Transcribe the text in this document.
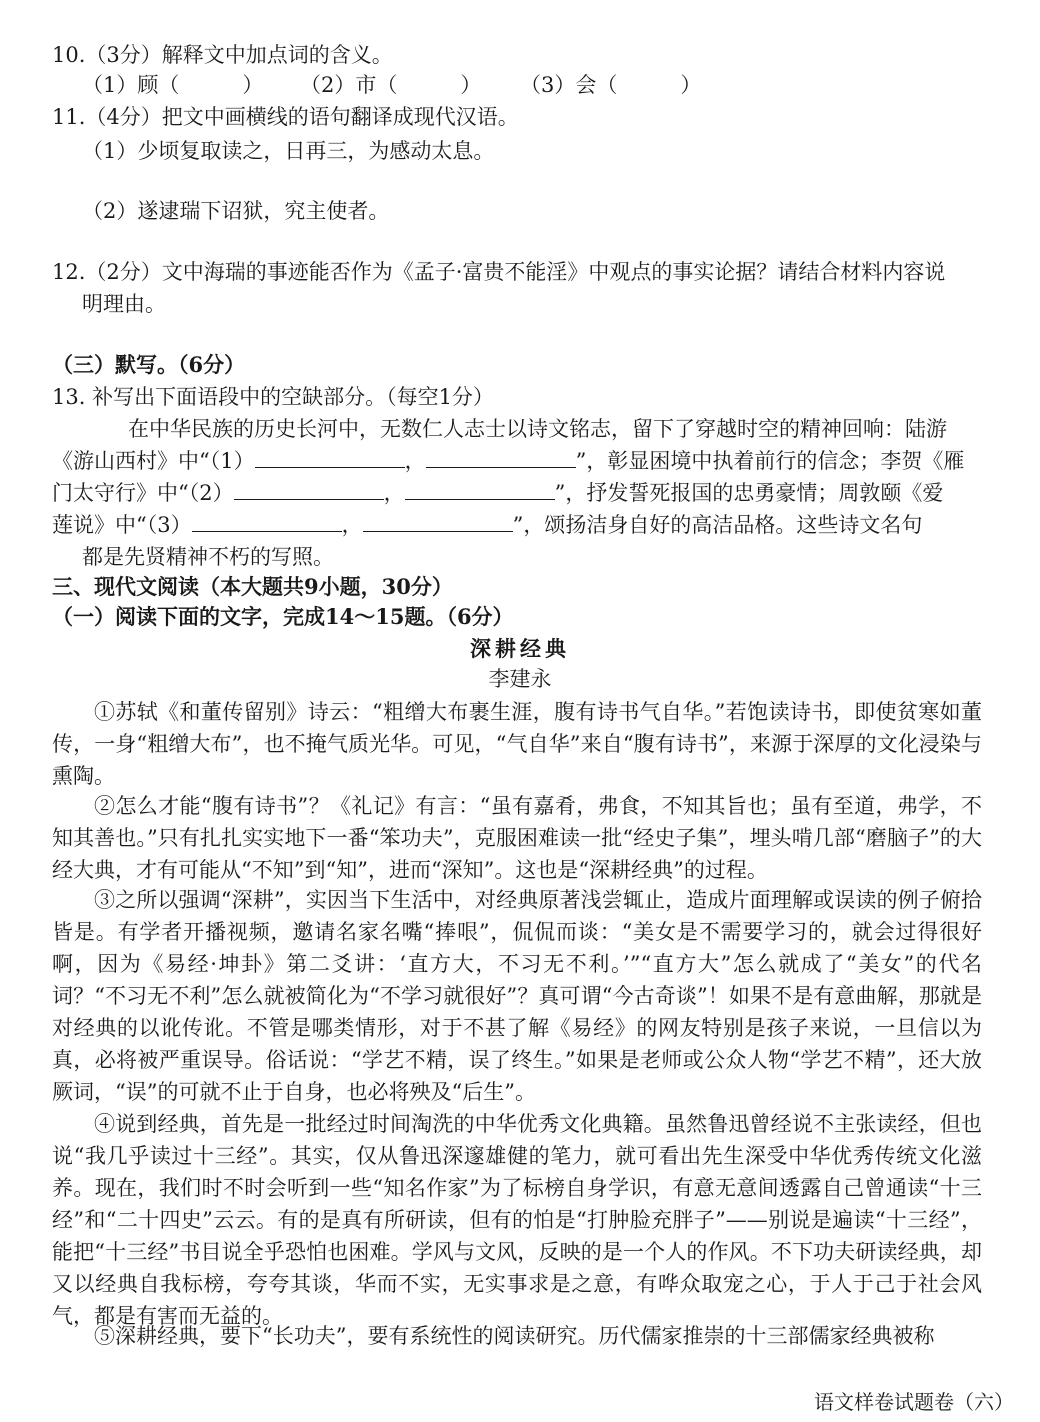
10.（3分）解释文中加点词的含义。
（1）顾（　　　） （2）市（　　　） （3）会（　　　）
11.（4分）把文中画横线的语句翻译成现代汉语。
（1）少顷复取读之，日再三，为感动太息。
（2）遂逮瑞下诏狱，究主使者。
12.（2分）文中海瑞的事迹能否作为《孟子·富贵不能淫》中观点的事实论据？请结合材料内容说
明理由。
（三）默写。（6分）
13. 补写出下面语段中的空缺部分。（每空1分）
在中华民族的历史长河中，无数仁人志士以诗文铭志，留下了穿越时空的精神回响：陆游
《游山西村》中“（1）	，	”，彰显困境中执着前行的信念；李贺《雁
门太守行》中“（2）	，	”，抒发誓死报国的忠勇豪情；周敦颐《爱
莲说》中“（3）	，	”，颂扬洁身自好的高洁品格。这些诗文名句
都是先贤精神不朽的写照。
三、现代文阅读（本大题共9小题，30分）
（一）阅读下面的文字，完成14～15题。（6分）
深耕经典
李建永
①苏轼《和董传留别》诗云：“粗缯大布裹生涯，腹有诗书气自华。”若饱读诗书，即使贫寒如董传，一身“粗缯大布”，也不掩气质光华。可见，“气自华”来自“腹有诗书”，来源于深厚的文化浸染与熏陶。
②怎么才能“腹有诗书”？《礼记》有言：“虽有嘉肴，弗食，不知其旨也；虽有至道，弗学，不知其善也。”只有扎扎实实地下一番“笨功夫”，克服困难读一批“经史子集”，埋头啃几部“磨脑子”的大经大典，才有可能从“不知”到“知”，进而“深知”。这也是“深耕经典”的过程。
③之所以强调“深耕”，实因当下生活中，对经典原著浅尝辄止，造成片面理解或误读的例子俯拾皆是。有学者开播视频，邀请名家名嘴“捧哏”，侃侃而谈：“美女是不需要学习的，就会过得很好啊，因为《易经·坤卦》第二爻讲：‘直方大，不习无不利。’”“直方大”怎么就成了“美女”的代名词？“不习无不利”怎么就被简化为“不学习就很好”？真可谓“今古奇谈”！如果不是有意曲解，那就是对经典的以讹传讹。不管是哪类情形，对于不甚了解《易经》的网友特别是孩子来说，一旦信以为真，必将被严重误导。俗话说：“学艺不精，误了终生。”如果是老师或公众人物“学艺不精”，还大放厥词，“误”的可就不止于自身，也必将殃及“后生”。
④说到经典，首先是一批经过时间淘洗的中华优秀文化典籍。虽然鲁迅曾经说不主张读经，但也说“我几乎读过十三经”。其实，仅从鲁迅深邃雄健的笔力，就可看出先生深受中华优秀传统文化滋养。现在，我们时不时会听到一些“知名作家”为了标榜自身学识，有意无意间透露自己曾通读“十三经”和“二十四史”云云。有的是真有所研读，但有的怕是“打肿脸充胖子”——别说是遍读“十三经”，能把“十三经”书目说全乎恐怕也困难。学风与文风，反映的是一个人的作风。不下功夫研读经典，却又以经典自我标榜，夸夸其谈，华而不实，无实事求是之意，有哗众取宠之心，于人于己于社会风气，都是有害而无益的。
⑤深耕经典，要下“长功夫”，要有系统性的阅读研究。历代儒家推崇的十三部儒家经典被称
语文样卷试题卷（六）
